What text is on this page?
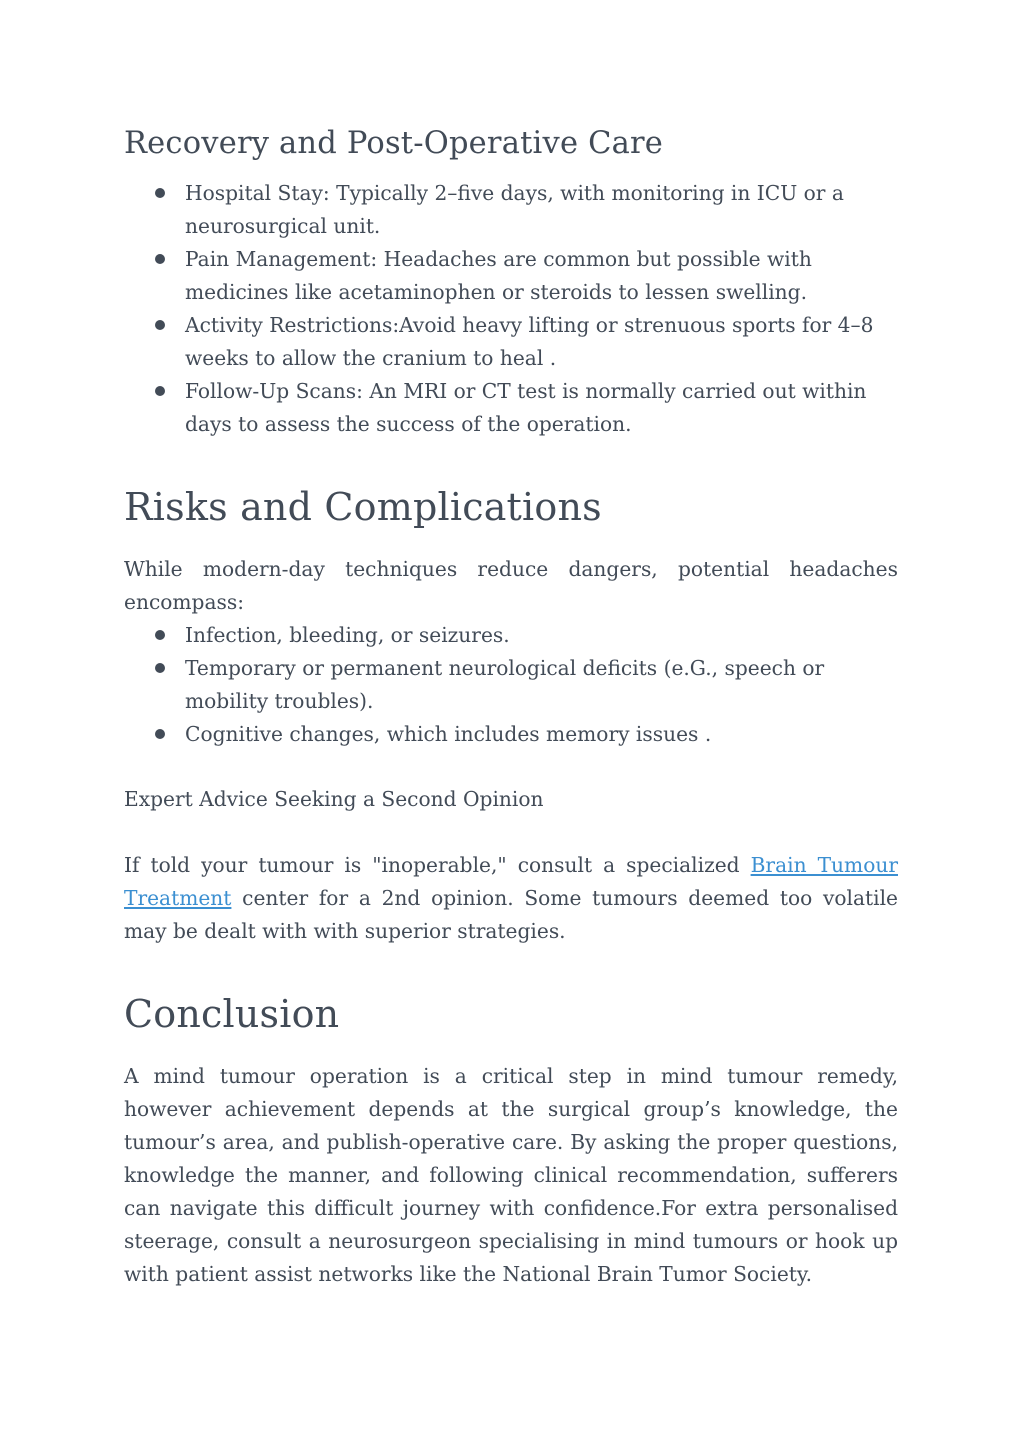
Recovery and Post-Operative Care
Hospital Stay: Typically 2–five days, with monitoring in ICU or a
neurosurgical unit.
Pain Management: Headaches are common but possible with
medicines like acetaminophen or steroids to lessen swelling.
Activity Restrictions:Avoid heavy lifting or strenuous sports for 4–8
weeks to allow the cranium to heal .
Follow-Up Scans: An MRI or CT test is normally carried out within
days to assess the success of the operation.
Risks and Complications
While modern-day techniques reduce dangers, potential headaches
encompass:
Infection, bleeding, or seizures.
Temporary or permanent neurological deficits (e.G., speech or
mobility troubles).
Cognitive changes, which includes memory issues .
Expert Advice Seeking a Second Opinion
If told your tumour is "inoperable," consult a specialized Brain Tumour
Treatment center for a 2nd opinion. Some tumours deemed too volatile
may be dealt with with superior strategies.
Conclusion
A mind tumour operation is a critical step in mind tumour remedy,
however achievement depends at the surgical group’s knowledge, the
tumour’s area, and publish-operative care. By asking the proper questions,
knowledge the manner, and following clinical recommendation, sufferers
can navigate this difficult journey with confidence.For extra personalised
steerage, consult a neurosurgeon specialising in mind tumours or hook up
with patient assist networks like the National Brain Tumor Society.
